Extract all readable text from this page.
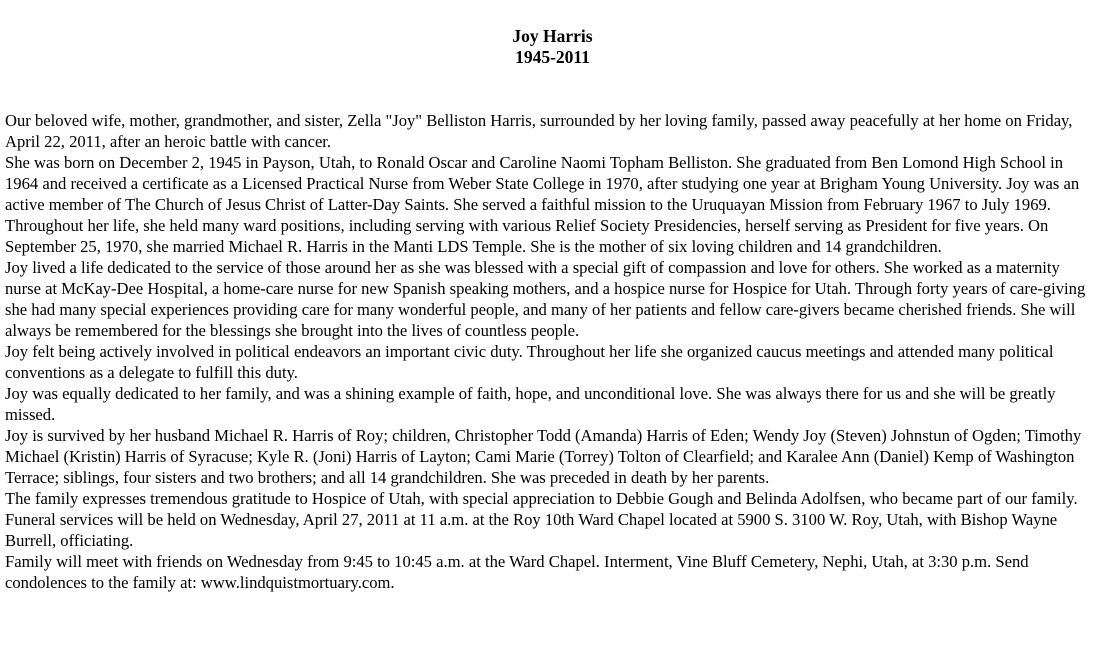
Joy Harris
1945-2011

Our beloved wife, mother, grandmother, and sister, Zella "Joy" Belliston Harris, surrounded by her loving family, passed away peacefully at her home on Friday, April 22, 2011, after an heroic battle with cancer.

She was born on December 2, 1945 in Payson, Utah, to Ronald Oscar and Caroline Naomi Topham Belliston. She graduated from Ben Lomond High School in 1964 and received a certificate as a Licensed Practical Nurse from Weber State College in 1970, after studying one year at Brigham Young University. Joy was an active member of The Church of Jesus Christ of Latter-Day Saints. She served a faithful mission to the Uruquayan Mission from February 1967 to July 1969. Throughout her life, she held many ward positions, including serving with various Relief Society Presidencies, herself serving as President for five years. On September 25, 1970, she married Michael R. Harris in the Manti LDS Temple. She is the mother of six loving children and 14 grandchildren.

Joy lived a life dedicated to the service of those around her as she was blessed with a special gift of compassion and love for others. She worked as a maternity nurse at McKay-Dee Hospital, a home-care nurse for new Spanish speaking mothers, and a hospice nurse for Hospice for Utah. Through forty years of care-giving she had many special experiences providing care for many wonderful people, and many of her patients and fellow care-givers became cherished friends. She will always be remembered for the blessings she brought into the lives of countless people.

Joy felt being actively involved in political endeavors an important civic duty. Throughout her life she organized caucus meetings and attended many political conventions as a delegate to fulfill this duty.

Joy was equally dedicated to her family, and was a shining example of faith, hope, and unconditional love. She was always there for us and she will be greatly missed.

Joy is survived by her husband Michael R. Harris of Roy; children, Christopher Todd (Amanda) Harris of Eden; Wendy Joy (Steven) Johnstun of Ogden; Timothy Michael (Kristin) Harris of Syracuse; Kyle R. (Joni) Harris of Layton; Cami Marie (Torrey) Tolton of Clearfield; and Karalee Ann (Daniel) Kemp of Washington Terrace; siblings, four sisters and two brothers; and all 14 grandchildren. She was preceded in death by her parents.

The family expresses tremendous gratitude to Hospice of Utah, with special appreciation to Debbie Gough and Belinda Adolfsen, who became part of our family.

Funeral services will be held on Wednesday, April 27, 2011 at 11 a.m. at the Roy 10th Ward Chapel located at 5900 S. 3100 W. Roy, Utah, with Bishop Wayne Burrell, officiating.

Family will meet with friends on Wednesday from 9:45 to 10:45 a.m. at the Ward Chapel. Interment, Vine Bluff Cemetery, Nephi, Utah, at 3:30 p.m. Send condolences to the family at: www.lindquistmortuary.com.
